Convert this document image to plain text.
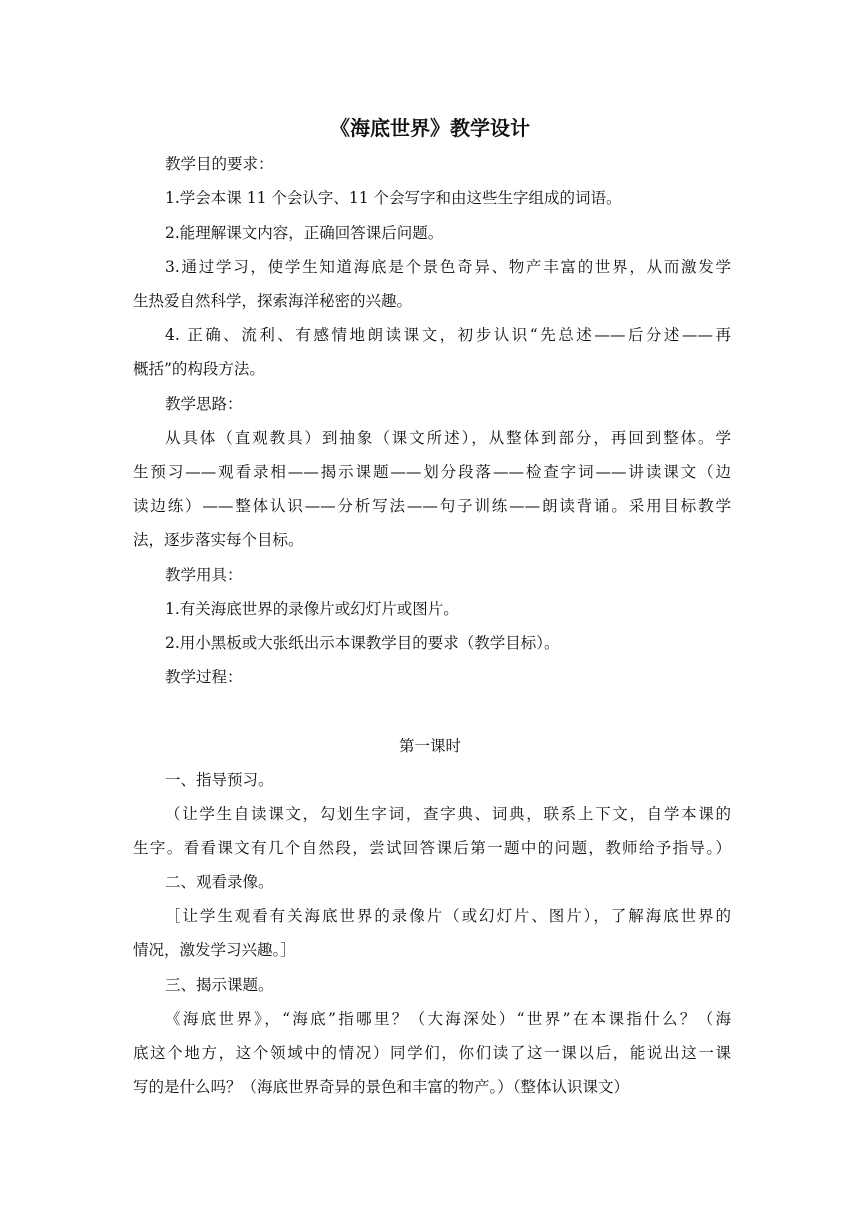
《海底世界》教学设计
教学目的要求：
1.学会本课 11 个会认字、11 个会写字和由这些生字组成的词语。
2.能理解课文内容，正确回答课后问题。
3.通过学习，使学生知道海底是个景色奇异、物产丰富的世界，从而激发学
生热爱自然科学，探索海洋秘密的兴趣。
4. 正确、流利、有感情地朗读课文，初步认识“先总述——后分述——再
概括”的构段方法。
教学思路：
从具体（直观教具）到抽象（课文所述），从整体到部分，再回到整体。学
生预习——观看录相——揭示课题——划分段落——检查字词——讲读课文（边
读边练）——整体认识——分析写法——句子训练——朗读背诵。采用目标教学
法，逐步落实每个目标。
教学用具：
1.有关海底世界的录像片或幻灯片或图片。
2.用小黑板或大张纸出示本课教学目的要求（教学目标）。
教学过程：
第一课时
一、指导预习。
（让学生自读课文，勾划生字词，查字典、词典，联系上下文，自学本课的
生字。看看课文有几个自然段，尝试回答课后第一题中的问题，教师给予指导。）
二、观看录像。
［让学生观看有关海底世界的录像片（或幻灯片、图片），了解海底世界的
情况，激发学习兴趣。］
三、揭示课题。
《海底世界》，“海底”指哪里？（大海深处）“世界”在本课指什么？（海
底这个地方，这个领域中的情况）同学们，你们读了这一课以后，能说出这一课
写的是什么吗？（海底世界奇异的景色和丰富的物产。）（整体认识课文）
